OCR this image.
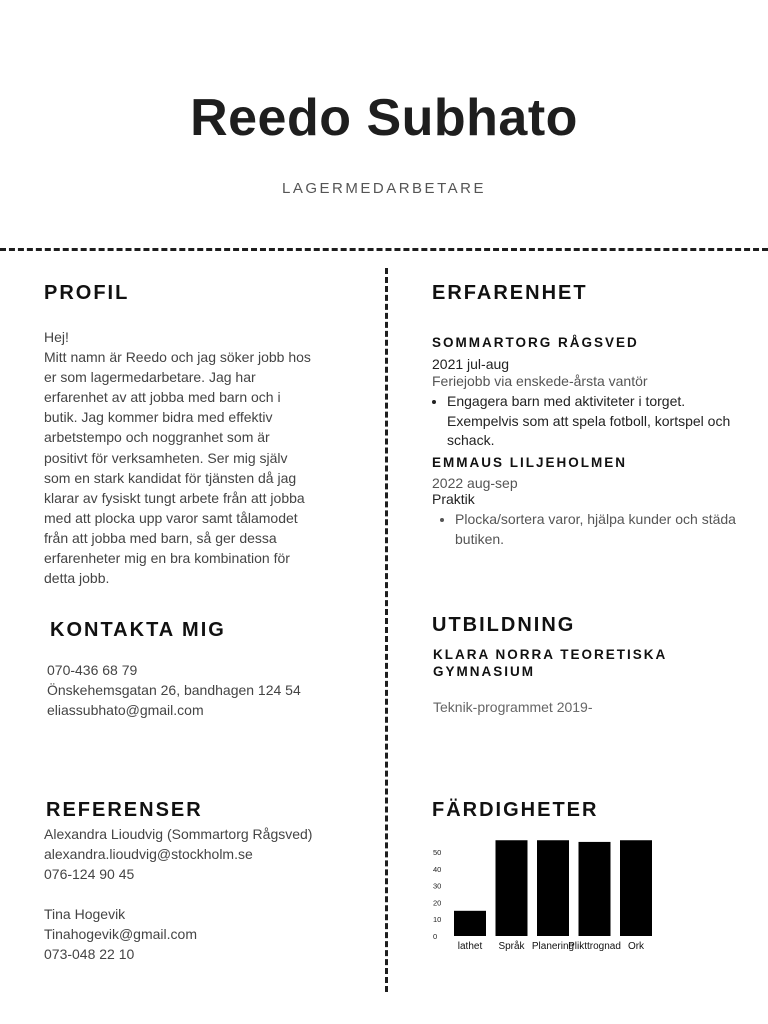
Reedo Subhato
LAGERMEDARBETARE
PROFIL
Hej!
Mitt namn är Reedo och jag söker jobb hos
er som lagermedarbetare. Jag har
erfarenhet av att jobba med barn och i
butik. Jag kommer bidra med effektiv
arbetstempo och noggranhet som är
positivt för verksamheten. Ser mig själv
som en stark kandidat för tjänsten då jag
klarar av fysiskt tungt arbete från att jobba
med att plocka upp varor samt tålamodet
från att jobba med barn, så ger dessa
erfarenheter mig en bra kombination för
detta jobb.
KONTAKTA MIG
070-436 68 79
Önskehemsgatan 26, bandhagen 124 54
eliassubhato@gmail.com
REFERENSER
Alexandra Lioudvig (Sommartorg Rågsved)
alexandra.lioudvig@stockholm.se
076-124 90 45
Tina Hogevik
Tinahogevik@gmail.com
073-048 22 10
ERFARENHET
SOMMARTORG RÅGSVED
2021 jul-aug
Feriejobb via enskede-årsta vantör
• Engagera barn med aktiviteter i torget. Exempelvis som att spela fotboll, kortspel och schack.
EMMAUS LILJEHOLMEN
2022 aug-sep
Praktik
• Plocka/sortera varor, hjälpa kunder och städa butiken.
UTBILDNING
KLARA NORRA TEORETISKA
GYMNASIUM
Teknik-programmet 2019-
FÄRDIGHETER
0
10
20
30
40
50
lathet Språk Planering
Plikttrognad Ork
